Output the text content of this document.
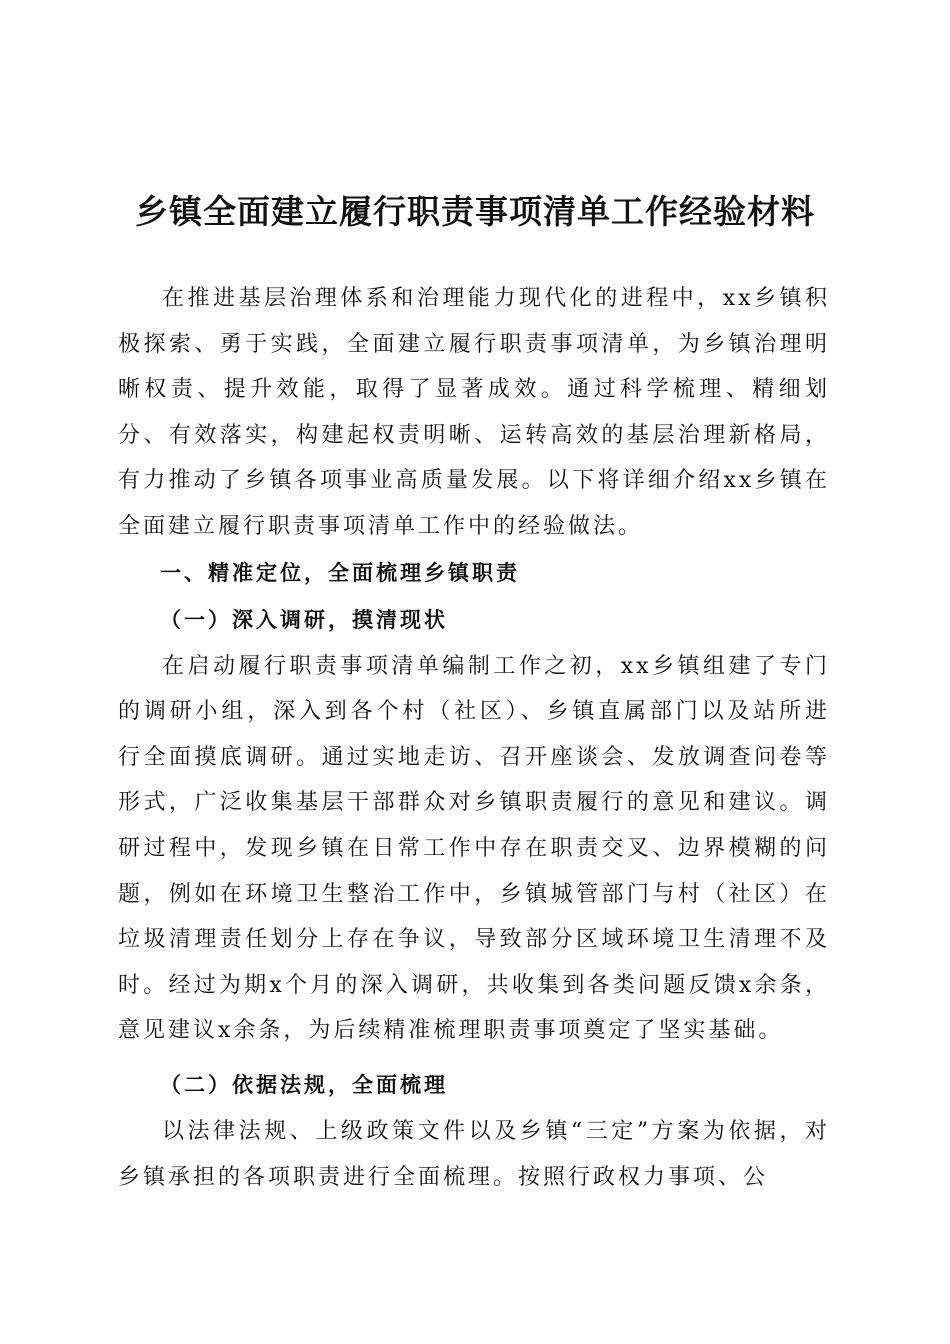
乡镇全面建立履行职责事项清单工作经验材料

在推进基层治理体系和治理能力现代化的进程中，xx乡镇积极探索、勇于实践，全面建立履行职责事项清单，为乡镇治理明晰权责、提升效能，取得了显著成效。通过科学梳理、精细划分、有效落实，构建起权责明晰、运转高效的基层治理新格局，有力推动了乡镇各项事业高质量发展。以下将详细介绍xx乡镇在全面建立履行职责事项清单工作中的经验做法。

一、精准定位，全面梳理乡镇职责
（一）深入调研，摸清现状

在启动履行职责事项清单编制工作之初，xx乡镇组建了专门的调研小组，深入到各个村（社区）、乡镇直属部门以及站所进行全面摸底调研。通过实地走访、召开座谈会、发放调查问卷等形式，广泛收集基层干部群众对乡镇职责履行的意见和建议。调研过程中，发现乡镇在日常工作中存在职责交叉、边界模糊的问题，例如在环境卫生整治工作中，乡镇城管部门与村（社区）在垃圾清理责任划分上存在争议，导致部分区域环境卫生清理不及时。经过为期x个月的深入调研，共收集到各类问题反馈x余条，意见建议x余条，为后续精准梳理职责事项奠定了坚实基础。

（二）依据法规，全面梳理

以法律法规、上级政策文件以及乡镇“三定”方案为依据，对乡镇承担的各项职责进行全面梳理。按照行政权力事项、公
